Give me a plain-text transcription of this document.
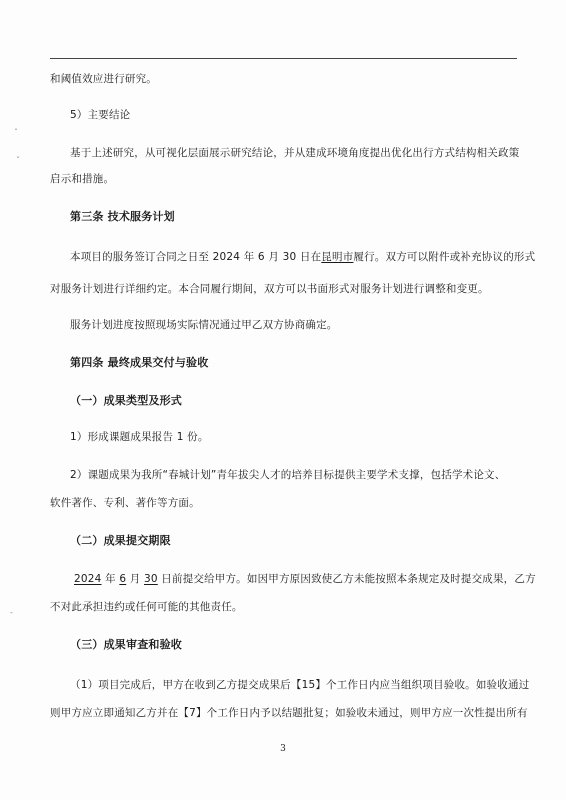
ˇ
ˇ
-
和阈值效应进行研究。
5）主要结论
基于上述研究，从可视化层面展示研究结论，并从建成环境角度提出优化出行方式结构相关政策
启示和措施。
第三条 技术服务计划
本项目的服务签订合同之日至 2024 年 6 月 30 日在昆明市履行。双方可以附件或补充协议的形式
对服务计划进行详细约定。本合同履行期间，双方可以书面形式对服务计划进行调整和变更。
服务计划进度按照现场实际情况通过甲乙双方协商确定。
第四条 最终成果交付与验收
（一）成果类型及形式
1）形成课题成果报告 1 份。
2）课题成果为我所“春城计划”青年拔尖人才的培养目标提供主要学术支撑，包括学术论文、
软件著作、专利、著作等方面。
（二）成果提交期限
2024 年 6 月 30 日前提交给甲方。如因甲方原因致使乙方未能按照本条规定及时提交成果，乙方
不对此承担违约或任何可能的其他责任。
（三）成果审查和验收
（1）项目完成后，甲方在收到乙方提交成果后【15】个工作日内应当组织项目验收。如验收通过
则甲方应立即通知乙方并在【7】个工作日内予以结题批复；如验收未通过，则甲方应一次性提出所有
3
